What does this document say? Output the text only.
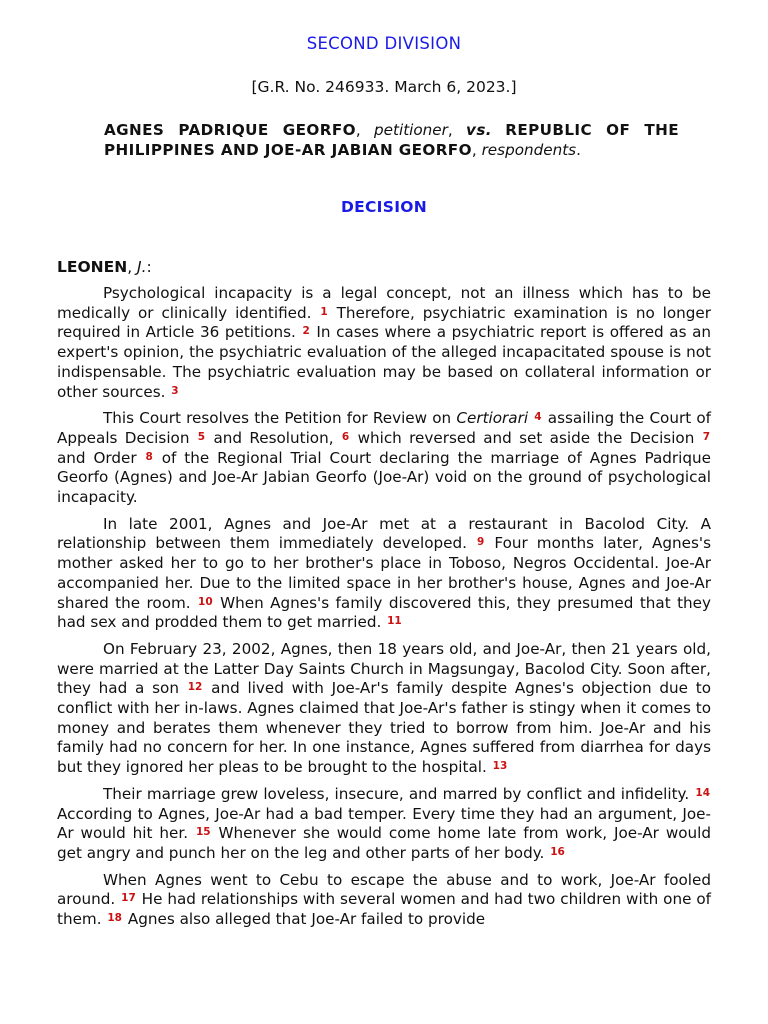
SECOND DIVISION
[G.R. No. 246933. March 6, 2023.]
AGNES PADRIQUE GEORFO, petitioner, vs. REPUBLIC OF THE PHILIPPINES AND JOE-AR JABIAN GEORFO, respondents.
DECISION
LEONEN, J.:

Psychological incapacity is a legal concept, not an illness which has to be medically or clinically identified. 1 Therefore, psychiatric examination is no longer required in Article 36 petitions. 2 In cases where a psychiatric report is offered as an expert's opinion, the psychiatric evaluation of the alleged incapacitated spouse is not indispensable. The psychiatric evaluation may be based on collateral information or other sources. 3

This Court resolves the Petition for Review on Certiorari 4 assailing the Court of Appeals Decision 5 and Resolution, 6 which reversed and set aside the Decision 7 and Order 8 of the Regional Trial Court declaring the marriage of Agnes Padrique Georfo (Agnes) and Joe-Ar Jabian Georfo (Joe-Ar) void on the ground of psychological incapacity.

In late 2001, Agnes and Joe-Ar met at a restaurant in Bacolod City. A relationship between them immediately developed. 9 Four months later, Agnes's mother asked her to go to her brother's place in Toboso, Negros Occidental. Joe-Ar accompanied her. Due to the limited space in her brother's house, Agnes and Joe-Ar shared the room. 10 When Agnes's family discovered this, they presumed that they had sex and prodded them to get married. 11

On February 23, 2002, Agnes, then 18 years old, and Joe-Ar, then 21 years old, were married at the Latter Day Saints Church in Magsungay, Bacolod City. Soon after, they had a son 12 and lived with Joe-Ar's family despite Agnes's objection due to conflict with her in-laws. Agnes claimed that Joe-Ar's father is stingy when it comes to money and berates them whenever they tried to borrow from him. Joe-Ar and his family had no concern for her. In one instance, Agnes suffered from diarrhea for days but they ignored her pleas to be brought to the hospital. 13

Their marriage grew loveless, insecure, and marred by conflict and infidelity. 14 According to Agnes, Joe-Ar had a bad temper. Every time they had an argument, Joe-Ar would hit her. 15 Whenever she would come home late from work, Joe-Ar would get angry and punch her on the leg and other parts of her body. 16

When Agnes went to Cebu to escape the abuse and to work, Joe-Ar fooled around. 17 He had relationships with several women and had two children with one of them. 18 Agnes also alleged that Joe-Ar failed to provide
